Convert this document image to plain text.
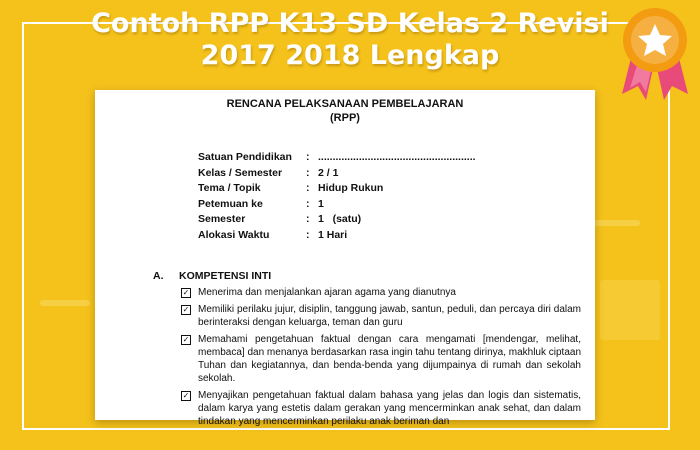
Contoh RPP K13 SD Kelas 2 Revisi
2017 2018 Lengkap
RENCANA PELAKSANAAN PEMBELAJARAN
(RPP)
Satuan Pendidikan	: ......................................................
Kelas / Semester	: 2 / 1
Tema / Topik	: Hidup Rukun
Petemuan ke	: 1
Semester	: 1   (satu)
Alokasi Waktu	: 1 Hari
A. KOMPETENSI INTI
✓ Menerima dan menjalankan ajaran agama yang dianutnya
✓ Memiliki perilaku jujur, disiplin, tanggung jawab, santun, peduli, dan percaya diri dalam berinteraksi dengan keluarga, teman dan guru
✓ Memahami pengetahuan faktual dengan cara mengamati [mendengar, melihat, membaca] dan menanya berdasarkan rasa ingin tahu tentang dirinya, makhluk ciptaan Tuhan dan kegiatannya, dan benda-benda yang dijumpainya di rumah dan sekolah sekolah.
✓ Menyajikan pengetahuan faktual dalam bahasa yang jelas dan logis dan sistematis, dalam karya yang estetis dalam gerakan yang mencerminkan anak sehat, dan dalam tindakan yang mencerminkan perilaku anak beriman dan
